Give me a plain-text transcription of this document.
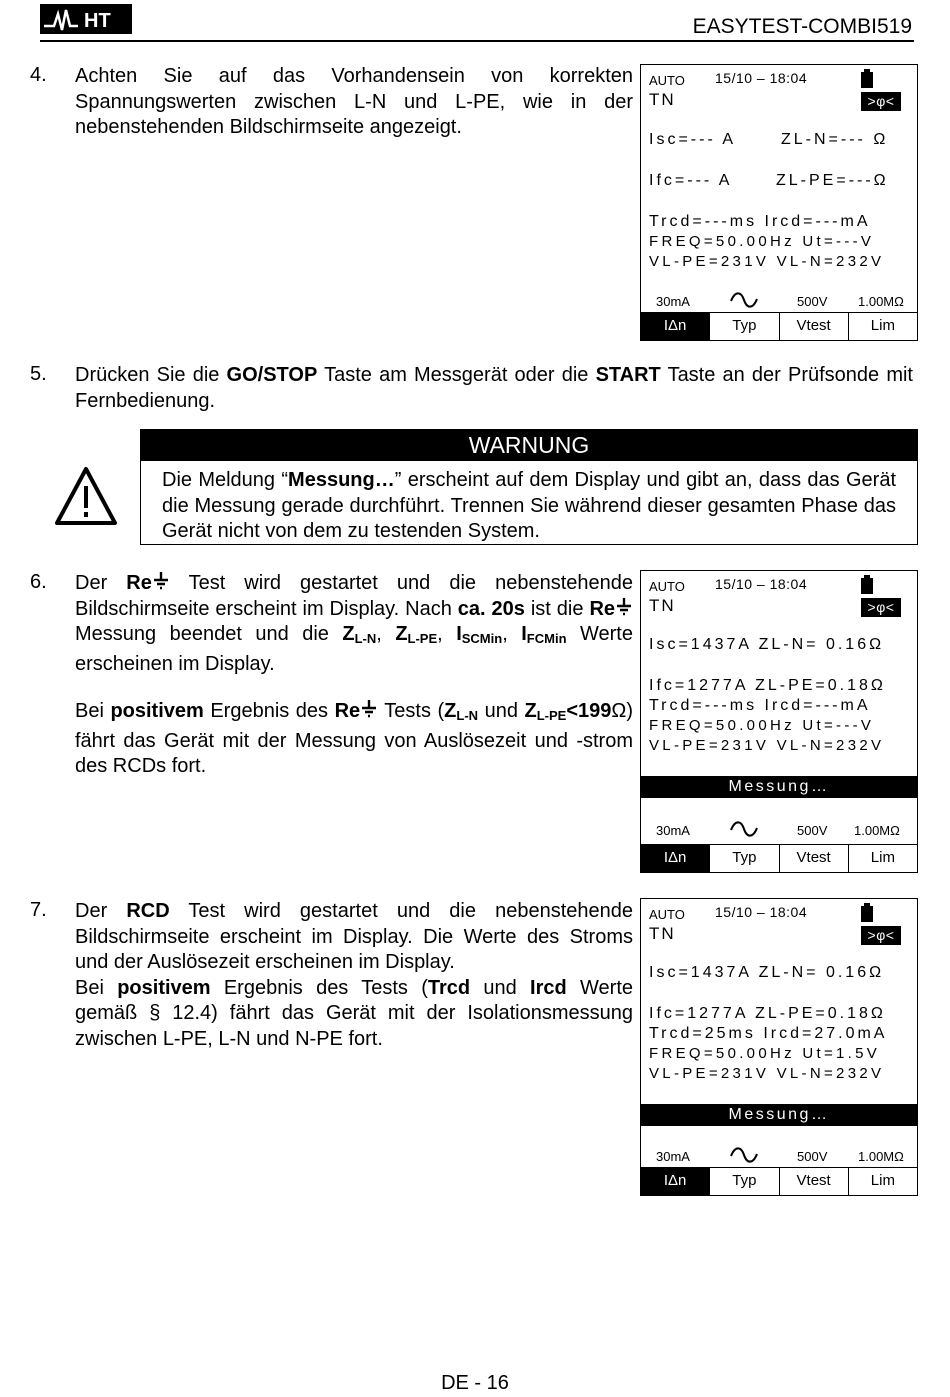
HT	EASYTEST-COMBI519
4. Achten Sie auf das Vorhandensein von korrekten Spannungswerten zwischen L-N und L-PE, wie in der nebenstehenden Bildschirmseite angezeigt.
AUTO 15/10 – 18:04
TN	>φ<
Isc=--- A	ZL-N=--- Ω
Ifc=--- A	ZL-PE=---Ω
Trcd=---ms Ircd=---mA
FREQ=50.00Hz Ut=---V
VL-PE=231V VL-N=232V
30mA	500V 1.00MΩ
IΔn	Typ	Vtest	Lim
5. Drücken Sie die GO/STOP Taste am Messgerät oder die START Taste an der Prüfsonde mit Fernbedienung.
WARNUNG
Die Meldung “Messung…” erscheint auf dem Display und gibt an, dass das Gerät die Messung gerade durchführt. Trennen Sie während dieser gesamten Phase das Gerät nicht von dem zu testenden System.
6. Der Re Test wird gestartet und die nebenstehende Bildschirmseite erscheint im Display. Nach ca. 20s ist die Re Messung beendet und die $Z_{L-N}$, $Z_{L-PE}$, $I_{SCMin}$, $I_{FCMin}$ Werte erscheinen im Display.
Bei positivem Ergebnis des Re Tests ($Z_{L-N}$ und $Z_{L-PE}<199\Omega$) fährt das Gerät mit der Messung von Auslösezeit und -strom des RCDs fort.
AUTO 15/10 – 18:04
TN	>φ<
Isc=1437A ZL-N= 0.16Ω
Ifc=1277A ZL-PE=0.18Ω
Trcd=---ms Ircd=---mA
FREQ=50.00Hz Ut=---V
VL-PE=231V VL-N=232V
Messung…
30mA	500V 1.00MΩ
IΔn	Typ	Vtest	Lim
7. Der RCD Test wird gestartet und die nebenstehende Bildschirmseite erscheint im Display. Die Werte des Stroms und der Auslösezeit erscheinen im Display.
Bei positivem Ergebnis des Tests (Trcd und Ircd Werte gemäß § 12.4) fährt das Gerät mit der Isolationsmessung zwischen L-PE, L-N und N-PE fort.
AUTO 15/10 – 18:04
TN	>φ<
Isc=1437A ZL-N= 0.16Ω
Ifc=1277A ZL-PE=0.18Ω
Trcd=25ms Ircd=27.0mA
FREQ=50.00Hz Ut=1.5V
VL-PE=231V VL-N=232V
Messung…
30mA	500V 1.00MΩ
IΔn	Typ	Vtest	Lim
DE - 16
